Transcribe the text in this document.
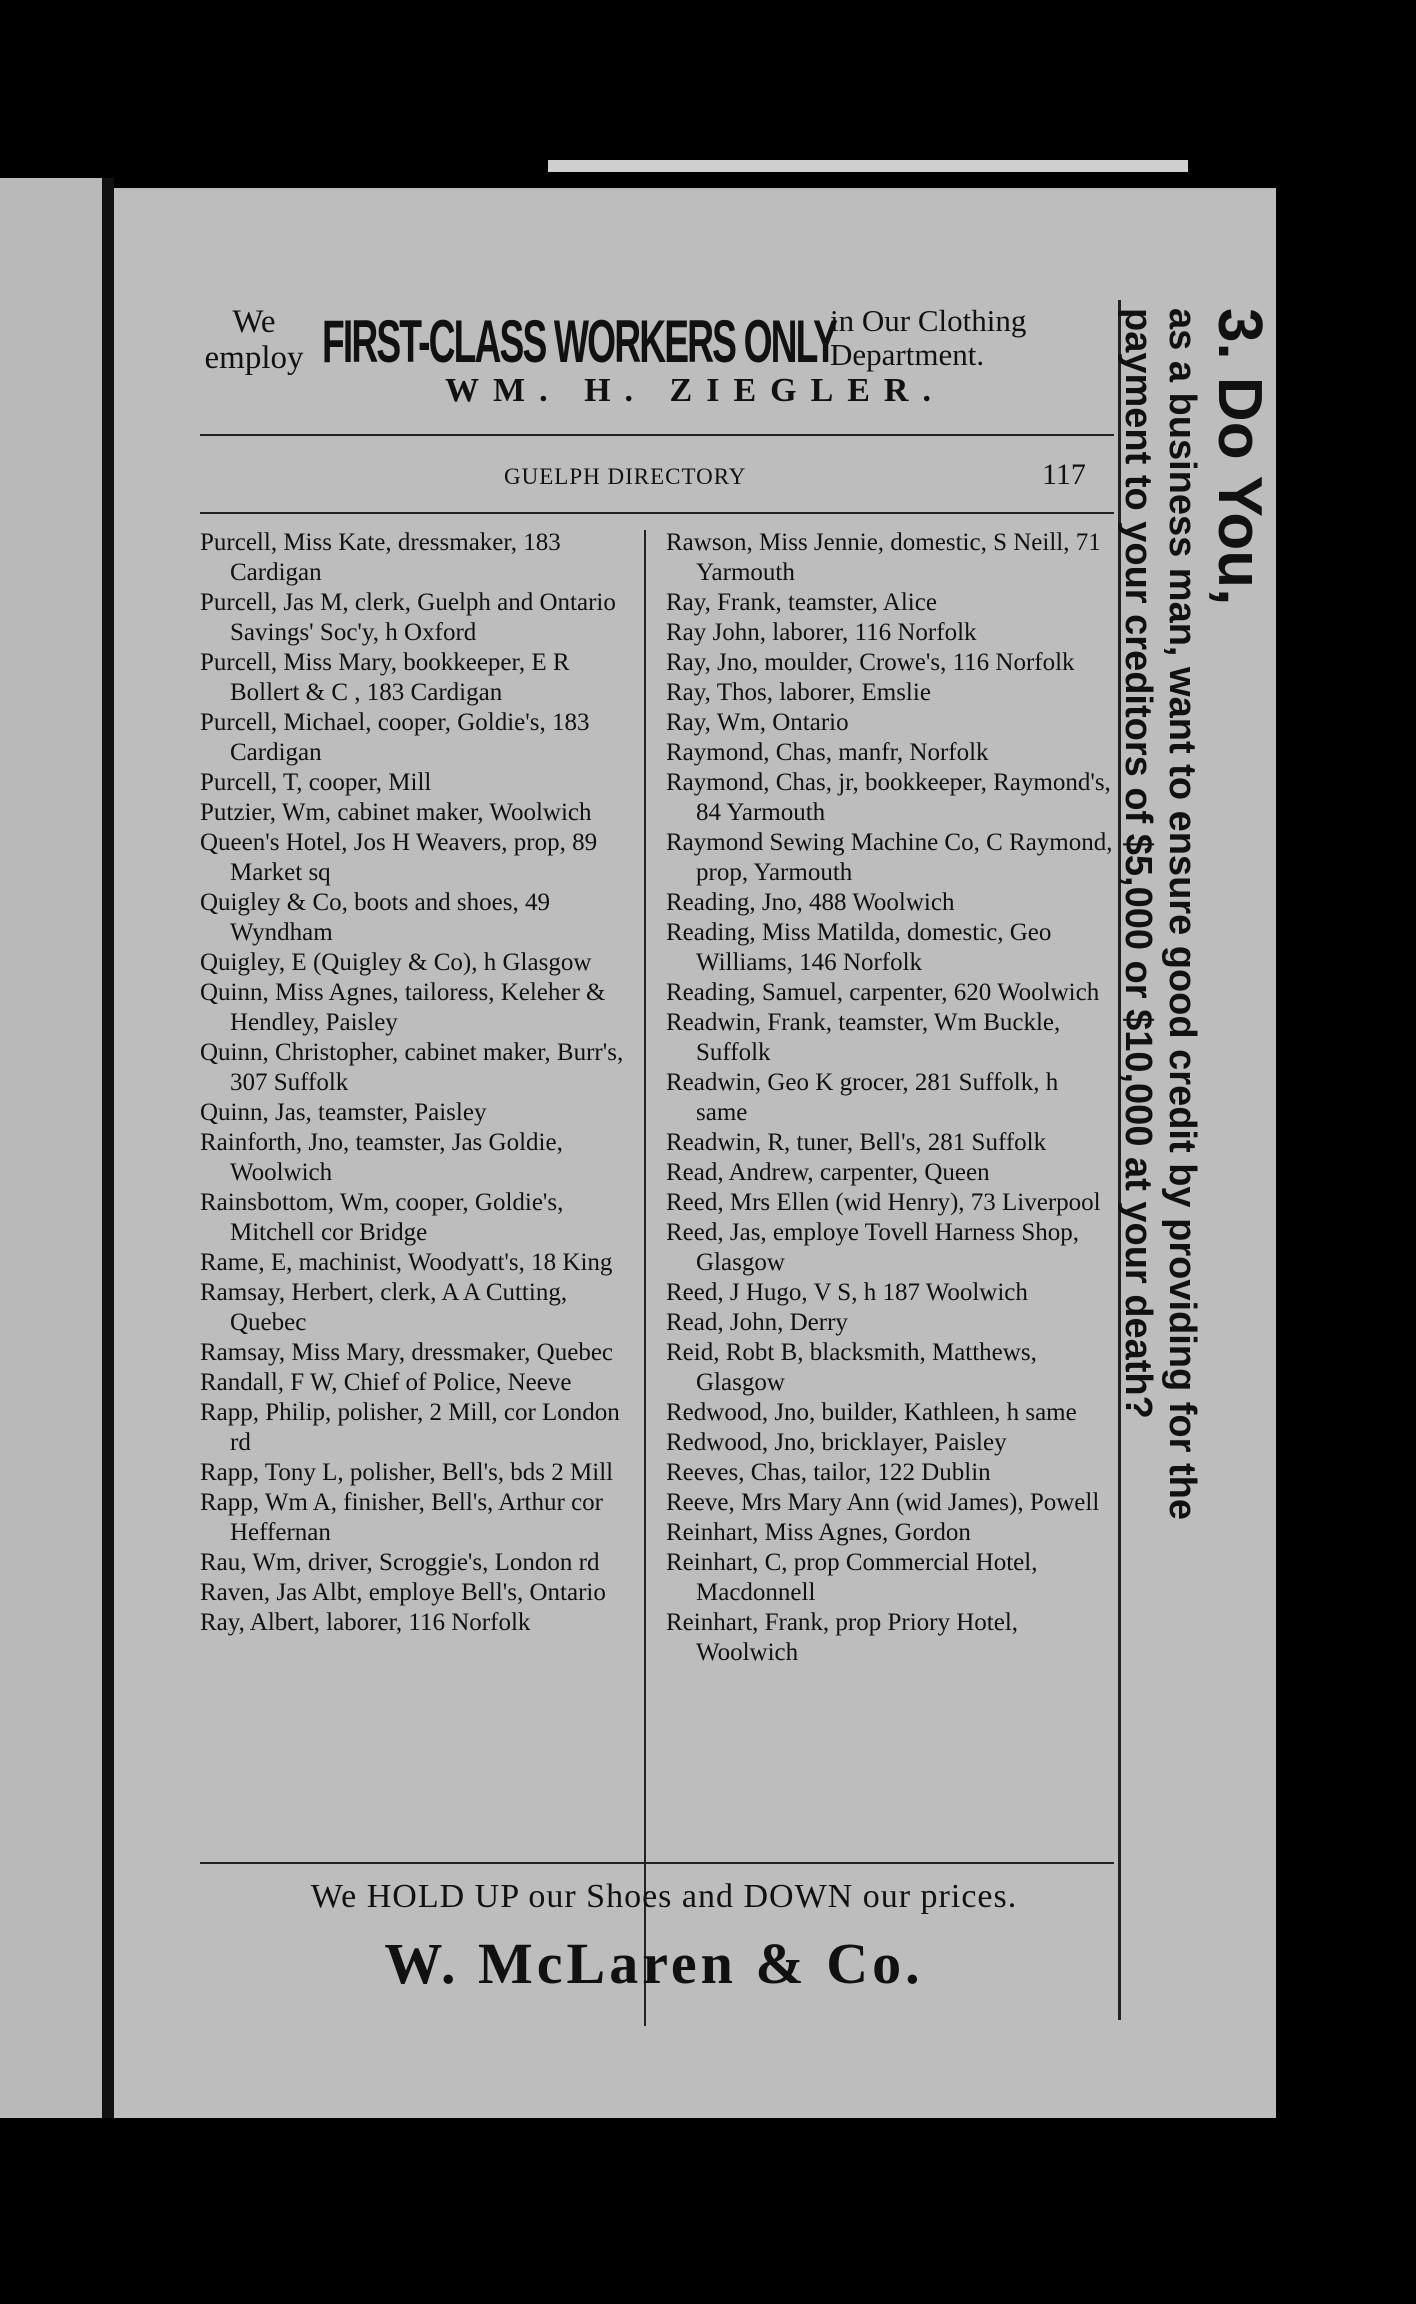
We employ FIRST-CLASS WORKERS ONLY
in Our Clothing Department.
WM. H. ZIEGLER.
GUELPH DIRECTORY	117

Purcell, Miss Kate, dressmaker, 183 Cardigan

Purcell, Jas M, clerk, Guelph and Ontario Savings' Soc'y, h Oxford

Purcell, Miss Mary, bookkeeper, E R Bollert & C , 183 Cardigan

Purcell, Michael, cooper, Goldie's, 183 Cardigan

Purcell, T, cooper, Mill

Putzier, Wm, cabinet maker, Woolwich

Queen's Hotel, Jos H Weavers, prop, 89 Market sq

Quigley & Co, boots and shoes, 49 Wyndham

Quigley, E (Quigley & Co), h Glasgow

Quinn, Miss Agnes, tailoress, Keleher & Hendley, Paisley

Quinn, Christopher, cabinet maker, Burr's, 307 Suffolk

Quinn, Jas, teamster, Paisley

Rainforth, Jno, teamster, Jas Goldie, Woolwich

Rainsbottom, Wm, cooper, Goldie's, Mitchell cor Bridge

Rame, E, machinist, Woodyatt's, 18 King

Ramsay, Herbert, clerk, A A Cutting, Quebec

Ramsay, Miss Mary, dressmaker, Quebec

Randall, F W, Chief of Police, Neeve

Rapp, Philip, polisher, 2 Mill, cor London rd

Rapp, Tony L, polisher, Bell's, bds 2 Mill

Rapp, Wm A, finisher, Bell's, Arthur cor Heffernan

Rau, Wm, driver, Scroggie's, London rd

Raven, Jas Albt, employe Bell's, Ontario

Ray, Albert, laborer, 116 Norfolk

Rawson, Miss Jennie, domestic, S Neill, 71 Yarmouth

Ray, Frank, teamster, Alice

Ray John, laborer, 116 Norfolk

Ray, Jno, moulder, Crowe's, 116 Norfolk

Ray, Thos, laborer, Emslie

Ray, Wm, Ontario

Raymond, Chas, manfr, Norfolk

Raymond, Chas, jr, bookkeeper, Raymond's, 84 Yarmouth

Raymond Sewing Machine Co, C Raymond, prop, Yarmouth

Reading, Jno, 488 Woolwich

Reading, Miss Matilda, domestic, Geo Williams, 146 Norfolk

Reading, Samuel, carpenter, 620 Woolwich

Readwin, Frank, teamster, Wm Buckle, Suffolk

Readwin, Geo K grocer, 281 Suffolk, h same

Readwin, R, tuner, Bell's, 281 Suffolk

Read, Andrew, carpenter, Queen

Reed, Mrs Ellen (wid Henry), 73 Liverpool

Reed, Jas, employe Tovell Harness Shop, Glasgow

Reed, J Hugo, V S, h 187 Woolwich

Read, John, Derry

Reid, Robt B, blacksmith, Matthews, Glasgow

Redwood, Jno, builder, Kathleen, h same

Redwood, Jno, bricklayer, Paisley

Reeves, Chas, tailor, 122 Dublin

Reeve, Mrs Mary Ann (wid James), Powell

Reinhart, Miss Agnes, Gordon

Reinhart, C, prop Commercial Hotel, Macdonnell

Reinhart, Frank, prop Priory Hotel, Woolwich

We HOLD UP our Shoes and DOWN our prices.
W. McLaren & Co.
3. Do You,
as a business man, want to ensure good credit by providing for the
payment to your creditors of $5,000 or $10,000 at your death?
